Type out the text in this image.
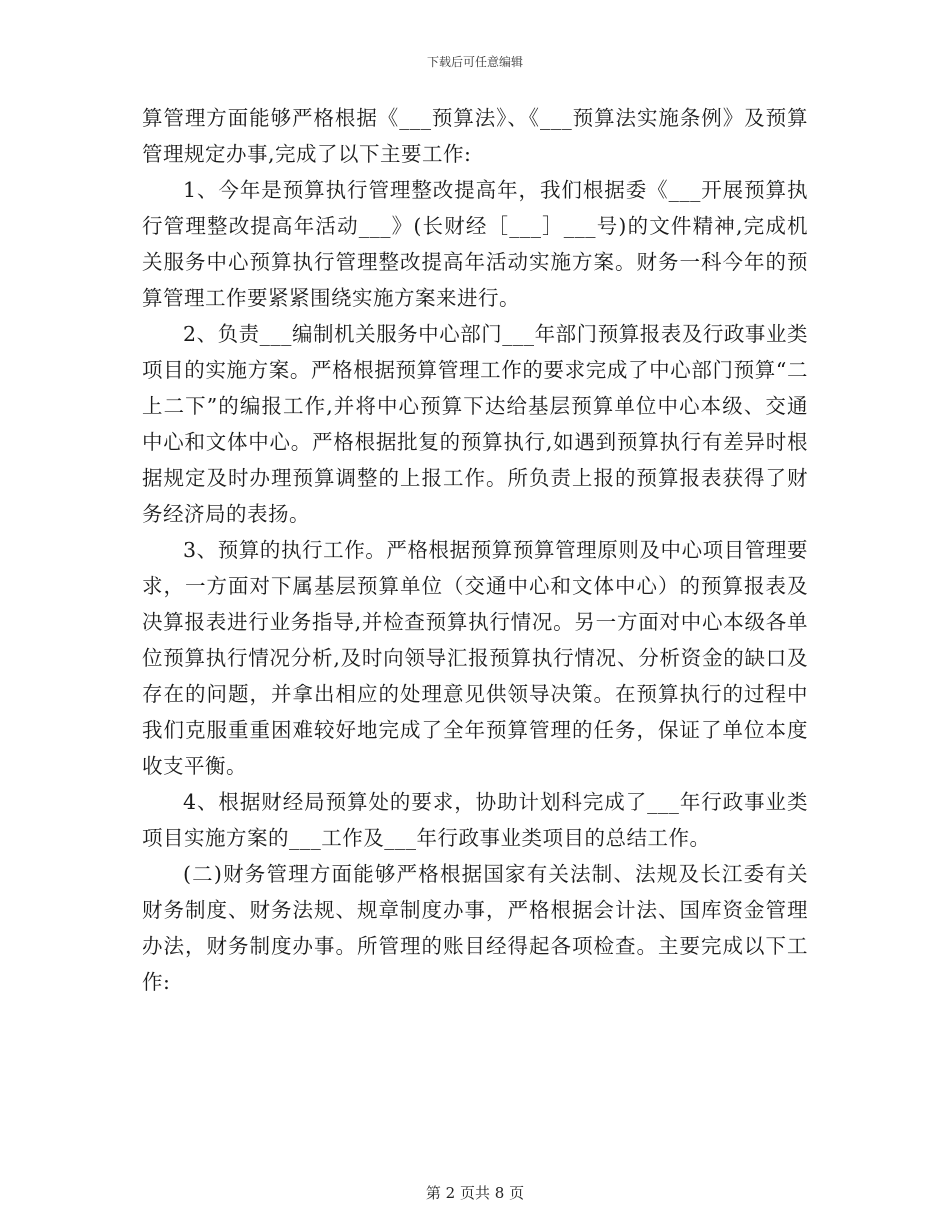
下载后可任意编辑

算管理方面能够严格根据《___预算法》、《___预算法实施条例》及预算管理规定办事,完成了以下主要工作:

1、今年是预算执行管理整改提高年，我们根据委《___开展预算执行管理整改提高年活动___》(长财经［___］___号)的文件精神,完成机关服务中心预算执行管理整改提高年活动实施方案。财务一科今年的预算管理工作要紧紧围绕实施方案来进行。

2、负责___编制机关服务中心部门___年部门预算报表及行政事业类项目的实施方案。严格根据预算管理工作的要求完成了中心部门预算“二上二下”的编报工作,并将中心预算下达给基层预算单位中心本级、交通中心和文体中心。严格根据批复的预算执行,如遇到预算执行有差异时根据规定及时办理预算调整的上报工作。所负责上报的预算报表获得了财务经济局的表扬。

3、预算的执行工作。严格根据预算预算管理原则及中心项目管理要求，一方面对下属基层预算单位（交通中心和文体中心）的预算报表及决算报表进行业务指导,并检查预算执行情况。另一方面对中心本级各单位预算执行情况分析,及时向领导汇报预算执行情况、分析资金的缺口及存在的问题，并拿出相应的处理意见供领导决策。在预算执行的过程中我们克服重重困难较好地完成了全年预算管理的任务，保证了单位本度收支平衡。

4、根据财经局预算处的要求，协助计划科完成了___年行政事业类项目实施方案的___工作及___年行政事业类项目的总结工作。

(二)财务管理方面能够严格根据国家有关法制、法规及长江委有关财务制度、财务法规、规章制度办事，严格根据会计法、国库资金管理办法，财务制度办事。所管理的账目经得起各项检查。主要完成以下工作:

第 2 页共 8 页
